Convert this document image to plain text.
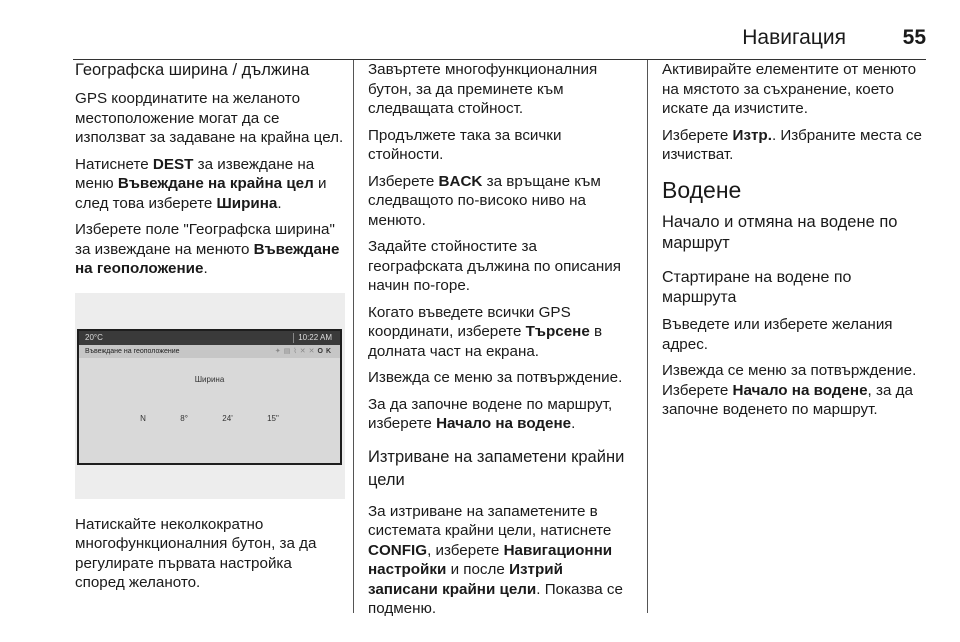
Навигация	55
Географска ширина / дължина

GPS координатите на желаното местоположение могат да се използват за задаване на крайна цел.

Натиснете DEST за извеждане на меню Въвеждане на крайна цел и след това изберете Ширина.

Изберете поле "Географска ширина" за извеждане на менюто Въвеждане на геоположение.

20°C	10:22 AM
Въвеждане на геоположение	✦▤⌇✕✕OK
Ширина
N	8°	24'	15"

Натискайте неколкократно многофункционалния бутон, за да регулирате първата настройка според желаното.

Завъртете многофункционалния бутон, за да преминете към следващата стойност.

Продължете така за всички стойности.

Изберете BACK за връщане към следващото по-високо ниво на менюто.

Задайте стойностите за географската дължина по описания начин по-горе.

Когато въведете всички GPS координати, изберете Търсене в долната част на екрана.

Извежда се меню за потвърждение.

За да започне водене по маршрут, изберете Начало на водене.

Изтриване на запаметени крайни цели

За изтриване на запаметените в системата крайни цели, натиснете CONFIG, изберете Навигационни настройки и после Изтрий записани крайни цели. Показва се подменю.

Активирайте елементите от менюто на мястото за съхранение, което искате да изчистите.

Изберете Изтр.. Избраните места се изчистват.

Водене
Начало и отмяна на водене по маршрут
Стартиране на водене по маршрута

Въведете или изберете желания адрес.

Извежда се меню за потвърждение. Изберете Начало на водене, за да започне воденето по маршрут.
